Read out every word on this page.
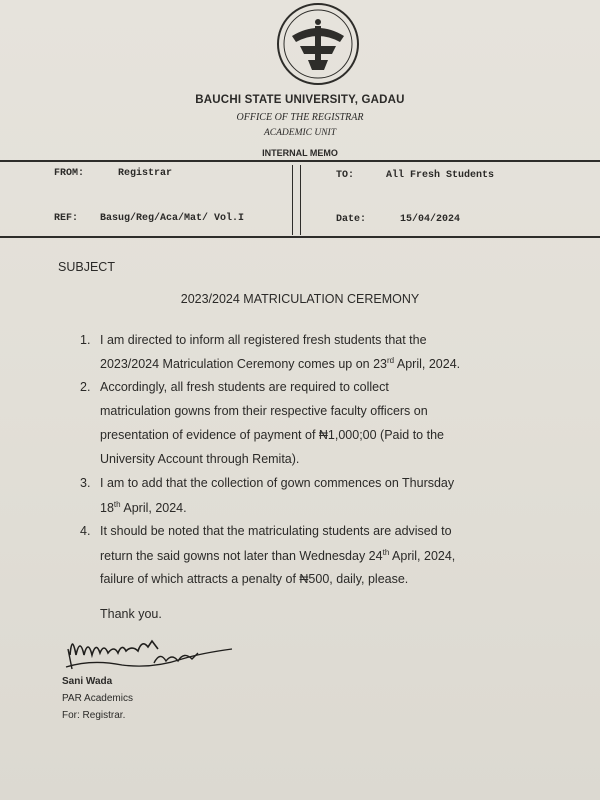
BAUCHI STATE UNIVERSITY, GADAU
OFFICE OF THE REGISTRAR
ACADEMIC UNIT
INTERNAL MEMO
FROM:	Registrar	TO:	All Fresh Students
REF: Basug/Reg/Aca/Mat/ Vol.I	Date:	15/04/2024
SUBJECT
2023/2024 MATRICULATION CEREMONY
1. I am directed to inform all registered fresh students that the
2023/2024 Matriculation Ceremony comes up on 23rd April, 2024.
2. Accordingly, all fresh students are required to collect
matriculation gowns from their respective faculty officers on
presentation of evidence of payment of ₦1,000;00 (Paid to the
University Account through Remita).
3. I am to add that the collection of gown commences on Thursday
18th April, 2024.
4. It should be noted that the matriculating students are advised to
return the said gowns not later than Wednesday 24th April, 2024,
failure of which attracts a penalty of ₦500, daily, please.
Thank you.
Sani Wada
PAR Academics
For: Registrar.
